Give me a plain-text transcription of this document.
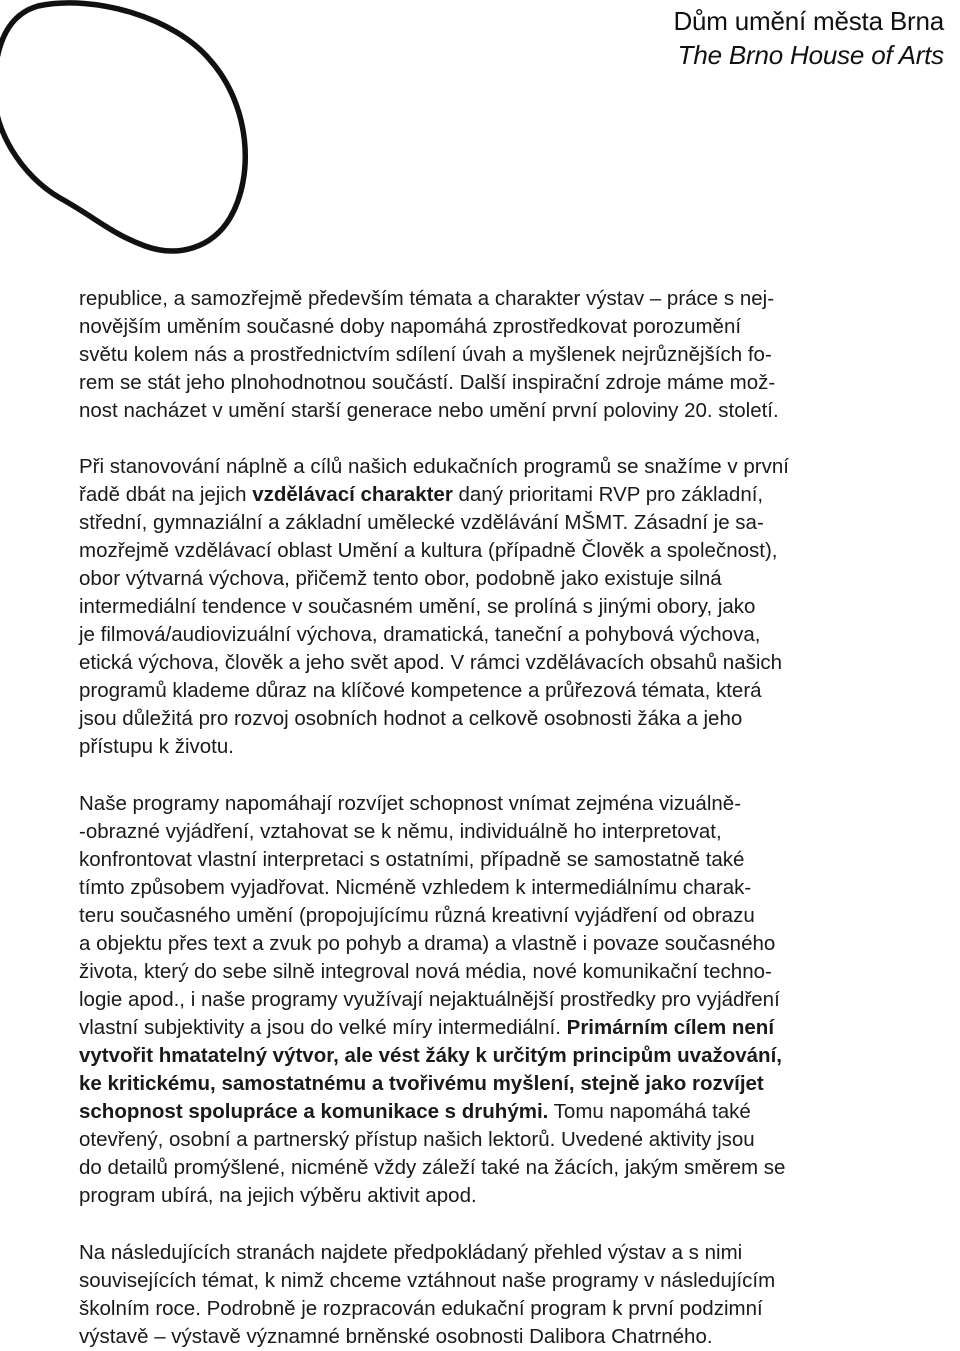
Dům umění města Brna
The Brno House of Arts
republice, a samozřejmě především témata a charakter výstav – práce s nej-
novějším uměním současné doby napomáhá zprostředkovat porozumění
světu kolem nás a prostřednictvím sdílení úvah a myšlenek nejrůznějších fo-
rem se stát jeho plnohodnotnou součástí. Další inspirační zdroje máme mož-
nost nacházet v umění starší generace nebo umění první poloviny 20. století.
Při stanovování náplně a cílů našich edukačních programů se snažíme v první
řadě dbát na jejich vzdělávací charakter daný prioritami RVP pro základní,
střední, gymnaziální a základní umělecké vzdělávání MŠMT. Zásadní je sa-
mozřejmě vzdělávací oblast Umění a kultura (případně Člověk a společnost),
obor výtvarná výchova, přičemž tento obor, podobně jako existuje silná
intermediální tendence v současném umění, se prolíná s jinými obory, jako
je filmová/audiovizuální výchova, dramatická, taneční a pohybová výchova,
etická výchova, člověk a jeho svět apod. V rámci vzdělávacích obsahů našich
programů klademe důraz na klíčové kompetence a průřezová témata, která
jsou důležitá pro rozvoj osobních hodnot a celkově osobnosti žáka a jeho
přístupu k životu.
Naše programy napomáhají rozvíjet schopnost vnímat zejména vizuálně-
-obrazné vyjádření, vztahovat se k němu, individuálně ho interpretovat,
konfrontovat vlastní interpretaci s ostatními, případně se samostatně také
tímto způsobem vyjadřovat. Nicméně vzhledem k intermediálnímu charak-
teru současného umění (propojujícímu různá kreativní vyjádření od obrazu
a objektu přes text a zvuk po pohyb a drama) a vlastně i povaze současného
života, který do sebe silně integroval nová média, nové komunikační techno-
logie apod., i naše programy využívají nejaktuálnější prostředky pro vyjádření
vlastní subjektivity a jsou do velké míry intermediální. Primárním cílem není
vytvořit hmatatelný výtvor, ale vést žáky k určitým principům uvažování,
ke kritickému, samostatnému a tvořivému myšlení, stejně jako rozvíjet
schopnost spolupráce a komunikace s druhými. Tomu napomáhá také
otevřený, osobní a partnerský přístup našich lektorů. Uvedené aktivity jsou
do detailů promýšlené, nicméně vždy záleží také na žácích, jakým směrem se
program ubírá, na jejich výběru aktivit apod.
Na následujících stranách najdete předpokládaný přehled výstav a s nimi
souvisejících témat, k nimž chceme vztáhnout naše programy v následujícím
školním roce. Podrobně je rozpracován edukační program k první podzimní
výstavě – výstavě významné brněnské osobnosti Dalibora Chatrného.
